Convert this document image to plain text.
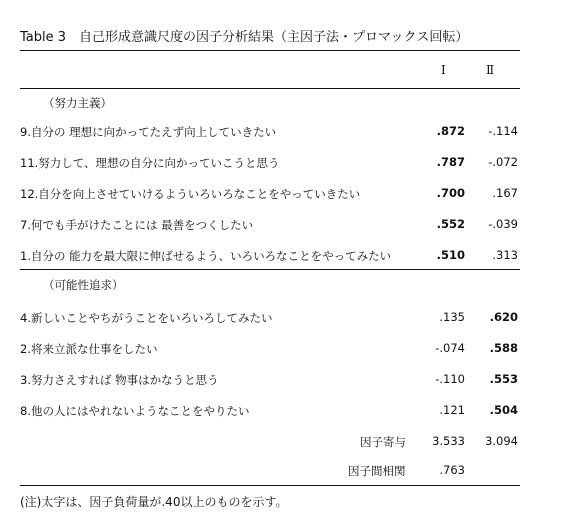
Table 3　自己形成意識尺度の因子分析結果（主因子法・プロマックス回転）
Ⅰ	Ⅱ
（努力主義）
9.自分の 理想に向かってたえず向上していきたい	.872	-.114
11.努力して、理想の自分に向かっていこうと思う	.787	-.072
12.自分を向上させていけるよういろいろなことをやっていきたい	.700	.167
7.何でも手がけたことには 最善をつくしたい	.552	-.039
1.自分の 能力を最大限に伸ばせるよう、いろいろなことをやってみたい	.510	.313
（可能性追求）
4.新しいことやちがうことをいろいろしてみたい	.135	.620
2.将来立派な仕事をしたい	-.074	.588
3.努力さえすれば 物事はかなうと思う	-.110	.553
8.他の人にはやれないようなことをやりたい	.121	.504
因子寄与	3.533	3.094
因子間相関	.763
(注)太字は、因子負荷量が.40以上のものを示す。
